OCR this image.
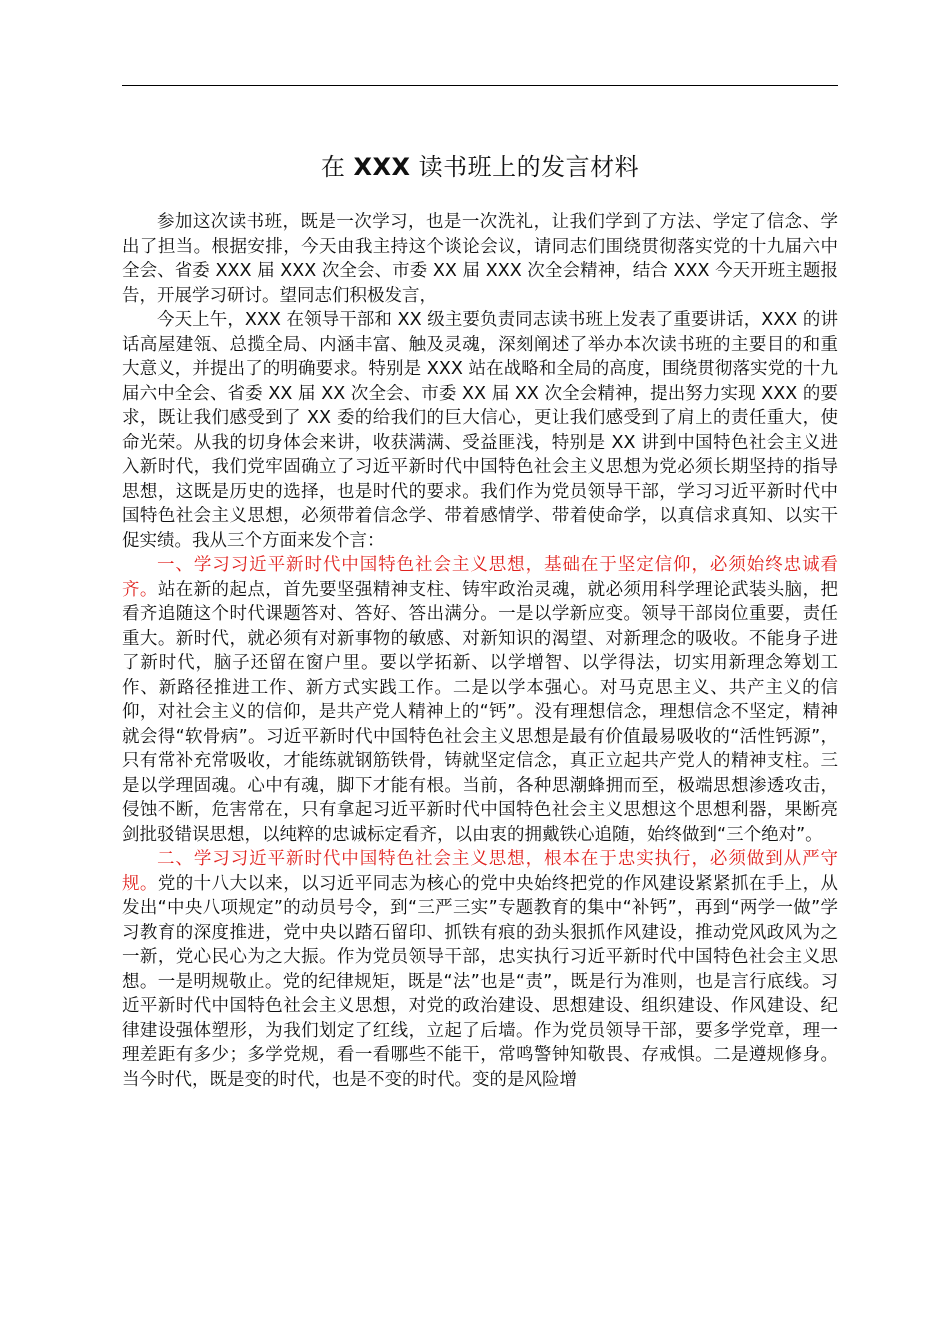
在 XXX 读书班上的发言材料

参加这次读书班，既是一次学习，也是一次洗礼，让我们学到了方法、学定了信念、学出了担当。根据安排，今天由我主持这个谈论会议，请同志们围绕贯彻落实党的十九届六中全会、省委 XXX 届 XXX 次全会、市委 XX 届 XXX 次全会精神，结合 XXX 今天开班主题报告，开展学习研讨。望同志们积极发言，

今天上午，XXX 在领导干部和 XX 级主要负责同志读书班上发表了重要讲话，XXX 的讲话高屋建瓴、总揽全局、内涵丰富、触及灵魂，深刻阐述了举办本次读书班的主要目的和重大意义，并提出了的明确要求。特别是 XXX 站在战略和全局的高度，围绕贯彻落实党的十九届六中全会、省委 XX 届 XX 次全会、市委 XX 届 XX 次全会精神，提出努力实现 XXX 的要求，既让我们感受到了 XX 委的给我们的巨大信心，更让我们感受到了肩上的责任重大，使命光荣。从我的切身体会来讲，收获满满、受益匪浅，特别是 XX 讲到中国特色社会主义进入新时代，我们党牢固确立了习近平新时代中国特色社会主义思想为党必须长期坚持的指导思想，这既是历史的选择，也是时代的要求。我们作为党员领导干部，学习习近平新时代中国特色社会主义思想，必须带着信念学、带着感情学、带着使命学，以真信求真知、以实干促实绩。我从三个方面来发个言：

一、学习习近平新时代中国特色社会主义思想，基础在于坚定信仰，必须始终忠诚看齐。站在新的起点，首先要坚强精神支柱、铸牢政治灵魂，就必须用科学理论武装头脑，把看齐追随这个时代课题答对、答好、答出满分。一是以学新应变。领导干部岗位重要，责任重大。新时代，就必须有对新事物的敏感、对新知识的渴望、对新理念的吸收。不能身子进了新时代，脑子还留在窗户里。要以学拓新、以学增智、以学得法，切实用新理念筹划工作、新路径推进工作、新方式实践工作。二是以学本强心。对马克思主义、共产主义的信仰，对社会主义的信仰，是共产党人精神上的“钙”。没有理想信念，理想信念不坚定，精神就会得“软骨病”。习近平新时代中国特色社会主义思想是最有价值最易吸收的“活性钙源”，只有常补充常吸收，才能练就钢筋铁骨，铸就坚定信念，真正立起共产党人的精神支柱。三是以学理固魂。心中有魂，脚下才能有根。当前，各种思潮蜂拥而至，极端思想渗透攻击，侵蚀不断，危害常在，只有拿起习近平新时代中国特色社会主义思想这个思想利器，果断亮剑批驳错误思想，以纯粹的忠诚标定看齐，以由衷的拥戴铁心追随，始终做到“三个绝对”。

二、学习习近平新时代中国特色社会主义思想，根本在于忠实执行，必须做到从严守规。党的十八大以来，以习近平同志为核心的党中央始终把党的作风建设紧紧抓在手上，从发出“中央八项规定”的动员号令，到“三严三实”专题教育的集中“补钙”，再到“两学一做”学习教育的深度推进，党中央以踏石留印、抓铁有痕的劲头狠抓作风建设，推动党风政风为之一新，党心民心为之大振。作为党员领导干部，忠实执行习近平新时代中国特色社会主义思想。一是明规敬止。党的纪律规矩，既是“法”也是“责”，既是行为准则，也是言行底线。习近平新时代中国特色社会主义思想，对党的政治建设、思想建设、组织建设、作风建设、纪律建设强体塑形，为我们划定了红线，立起了后墙。作为党员领导干部，要多学党章，理一理差距有多少；多学党规，看一看哪些不能干，常鸣警钟知敬畏、存戒惧。二是遵规修身。当今时代，既是变的时代，也是不变的时代。变的是风险增
